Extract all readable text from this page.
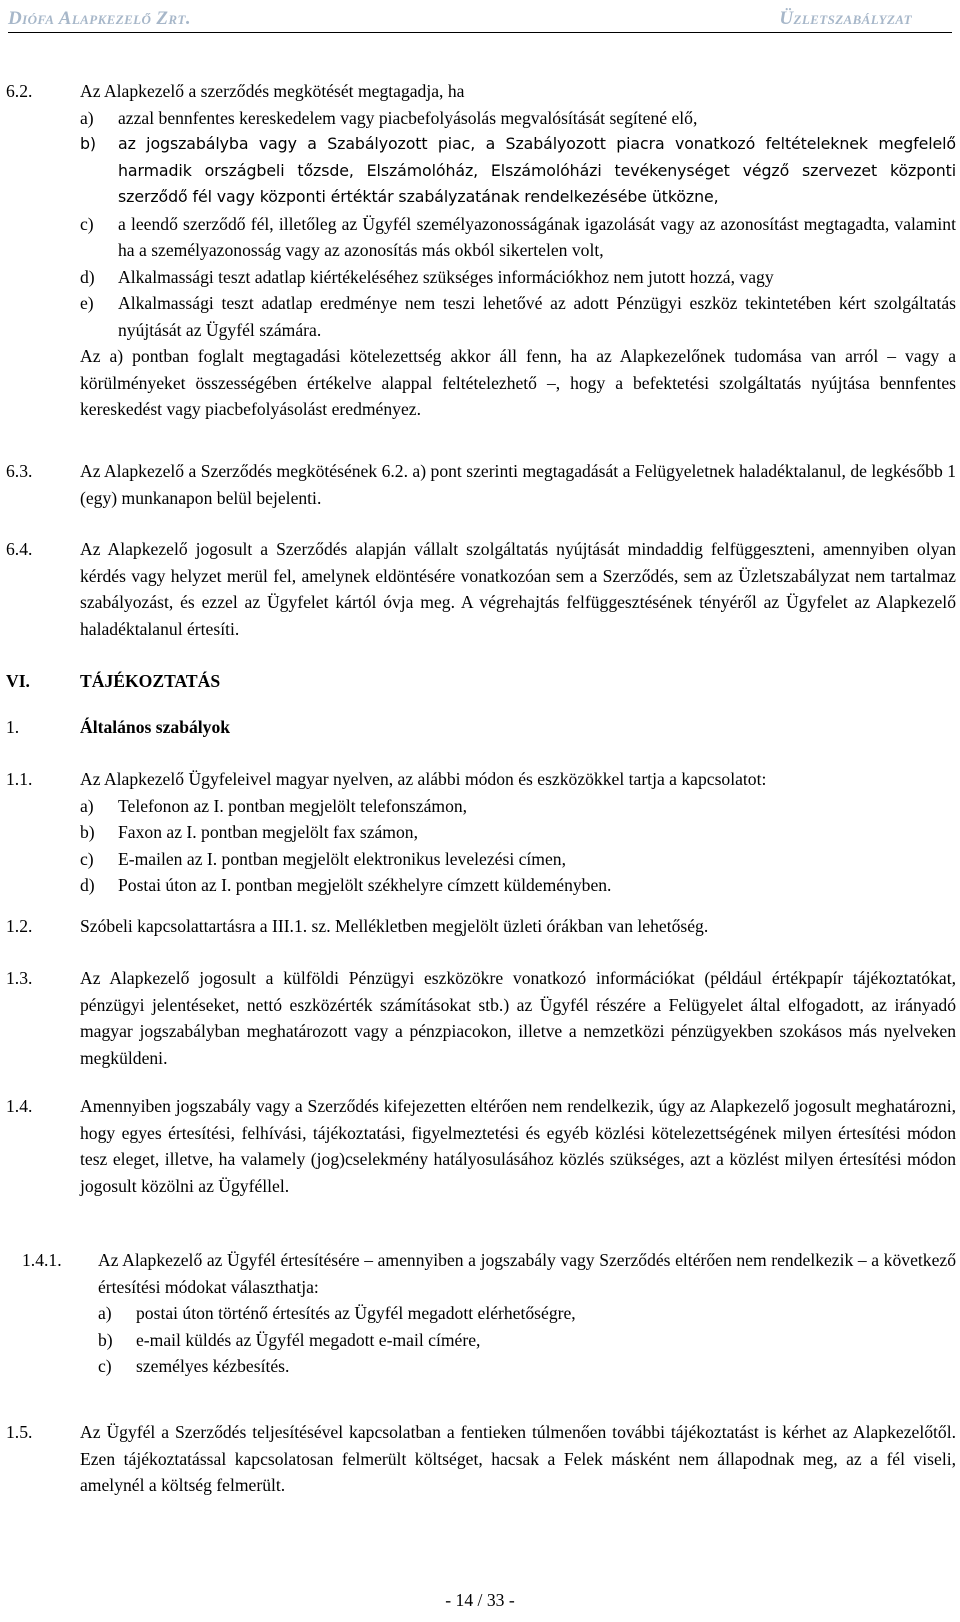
Diófa Alapkezelő Zrt.	Üzletszabályzat
6.2.	Az Alapkezelő a szerződés megkötését megtagadja, ha

a) azzal bennfentes kereskedelem vagy piacbefolyásolás megvalósítását segítené elő,
b) az jogszabályba vagy a Szabályozott piac, a Szabályozott piacra vonatkozó feltételeknek megfelelő harmadik országbeli tőzsde, Elszámolóház, Elszámolóházi tevékenységet végző szervezet központi szerződő fél vagy központi értéktár szabályzatának rendelkezésébe ütközne,
c) a leendő szerződő fél, illetőleg az Ügyfél személyazonosságának igazolását vagy az azonosítást megtagadta, valamint ha a személyazonosság vagy az azonosítás más okból sikertelen volt,
d) Alkalmassági teszt adatlap kiértékeléséhez szükséges információkhoz nem jutott hozzá, vagy
e) Alkalmassági teszt adatlap eredménye nem teszi lehetővé az adott Pénzügyi eszköz tekintetében kért szolgáltatás nyújtását az Ügyfél számára.

Az a) pontban foglalt megtagadási kötelezettség akkor áll fenn, ha az Alapkezelőnek tudomása van arról – vagy a körülményeket összességében értékelve alappal feltételezhető –, hogy a befektetési szolgáltatás nyújtása bennfentes kereskedést vagy piacbefolyásolást eredményez.

6.3.	Az Alapkezelő a Szerződés megkötésének 6.2. a) pont szerinti megtagadását a Felügyeletnek haladéktalanul, de legkésőbb 1 (egy) munkanapon belül bejelenti.

6.4.	Az Alapkezelő jogosult a Szerződés alapján vállalt szolgáltatás nyújtását mindaddig felfüggeszteni, amennyiben olyan kérdés vagy helyzet merül fel, amelynek eldöntésére vonatkozóan sem a Szerződés, sem az Üzletszabályzat nem tartalmaz szabályozást, és ezzel az Ügyfelet kártól óvja meg. A végrehajtás felfüggesztésének tényéről az Ügyfelet az Alapkezelő haladéktalanul értesíti.

VI.	TÁJÉKOZTATÁS

1.	Általános szabályok

1.1.	Az Alapkezelő Ügyfeleivel magyar nyelven, az alábbi módon és eszközökkel tartja a kapcsolatot:

a) Telefonon az I. pontban megjelölt telefonszámon,
b) Faxon az I. pontban megjelölt fax számon,
c) E-mailen az I. pontban megjelölt elektronikus levelezési címen,
d) Postai úton az I. pontban megjelölt székhelyre címzett küldeményben.
1.2.	Szóbeli kapcsolattartásra a III.1. sz. Mellékletben megjelölt üzleti órákban van lehetőség.

1.3.	Az Alapkezelő jogosult a külföldi Pénzügyi eszközökre vonatkozó információkat (például értékpapír tájékoztatókat, pénzügyi jelentéseket, nettó eszközérték számításokat stb.) az Ügyfél részére a Felügyelet által elfogadott, az irányadó magyar jogszabályban meghatározott vagy a pénzpiacokon, illetve a nemzetközi pénzügyekben szokásos más nyelveken megküldeni.

1.4.	Amennyiben jogszabály vagy a Szerződés kifejezetten eltérően nem rendelkezik, úgy az Alapkezelő jogosult meghatározni, hogy egyes értesítési, felhívási, tájékoztatási, figyelmeztetési és egyéb közlési kötelezettségének milyen értesítési módon tesz eleget, illetve, ha valamely (jog)cselekmény hatályosulásához közlés szükséges, azt a közlést milyen értesítési módon jogosult közölni az Ügyféllel.

1.4.1. Az Alapkezelő az Ügyfél értesítésére – amennyiben a jogszabály vagy Szerződés eltérően nem rendelkezik – a következő értesítési módokat választhatja:

a) postai úton történő értesítés az Ügyfél megadott elérhetőségre,
b) e-mail küldés az Ügyfél megadott e-mail címére,
c) személyes kézbesítés.
1.5.	Az Ügyfél a Szerződés teljesítésével kapcsolatban a fentieken túlmenően további tájékoztatást is kérhet az Alapkezelőtől. Ezen tájékoztatással kapcsolatosan felmerült költséget, hacsak a Felek másként nem állapodnak meg, az a fél viseli, amelynél a költség felmerült.

- 14 / 33 -
